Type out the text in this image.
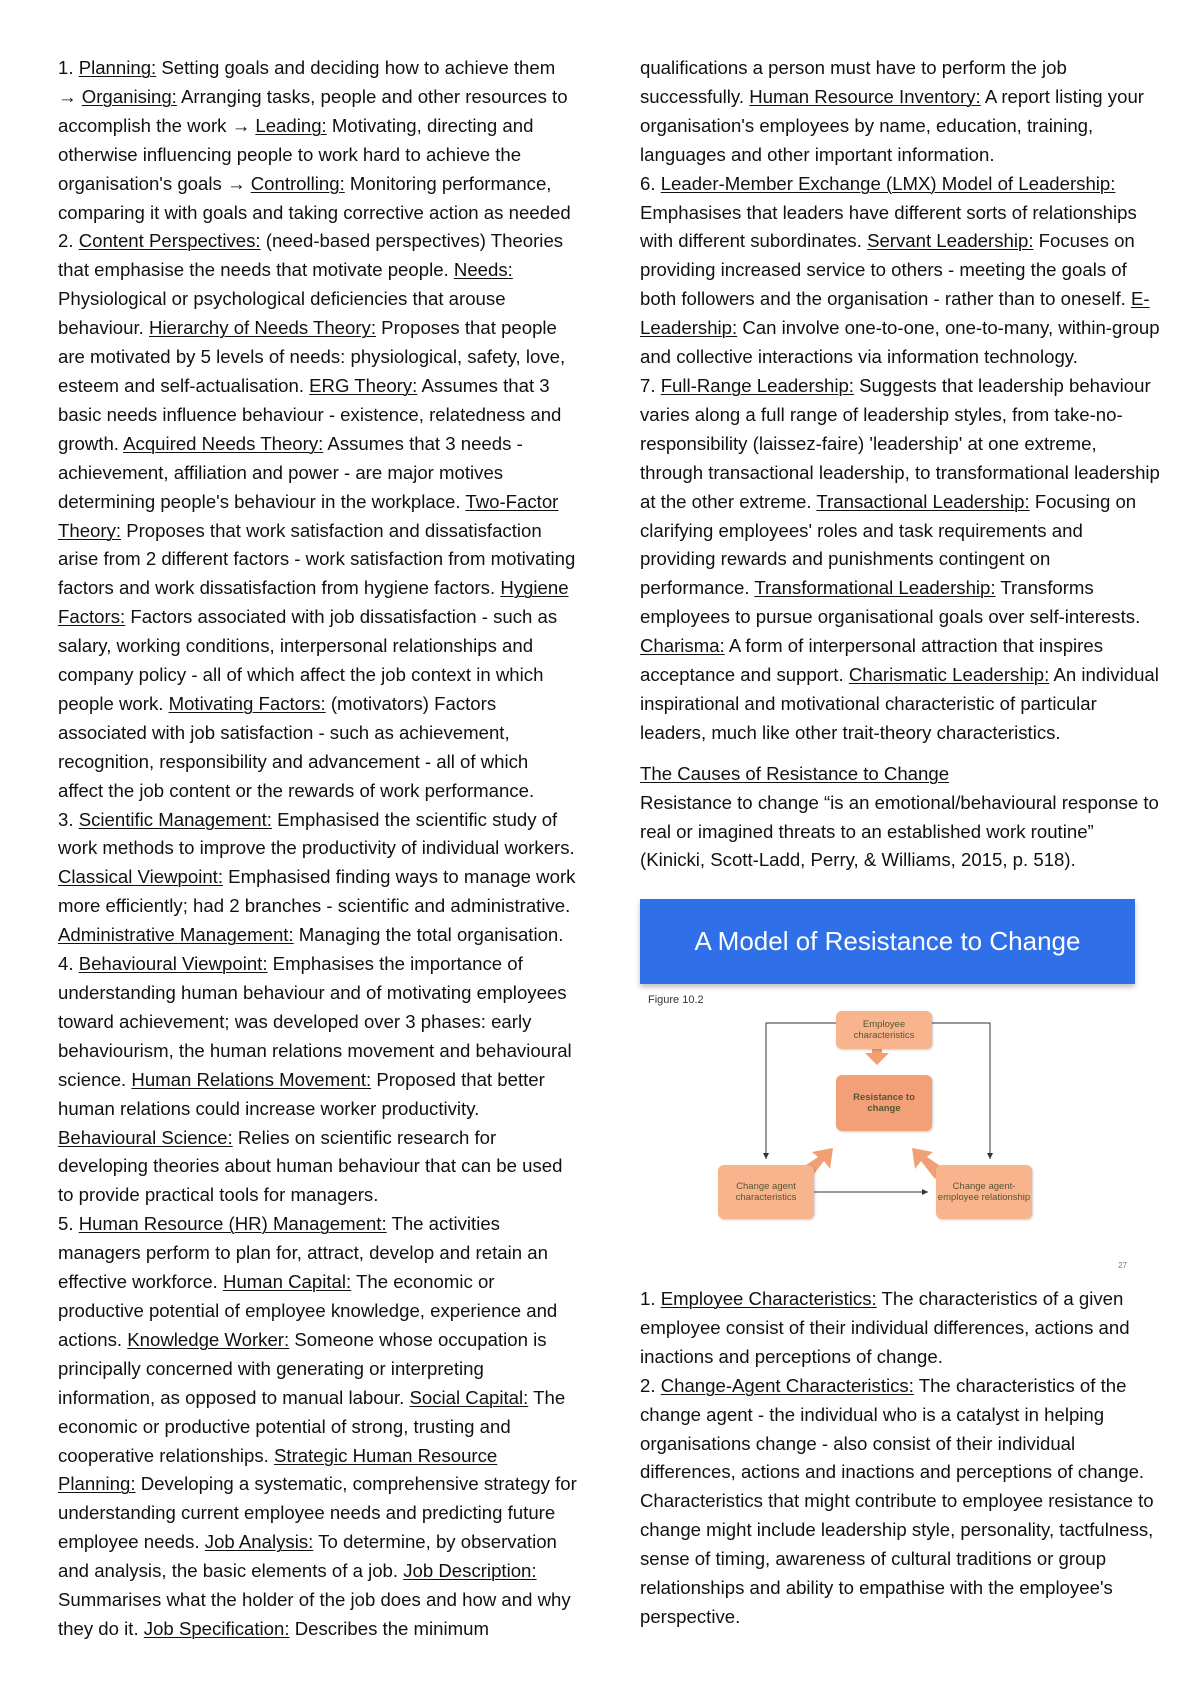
1. Planning: Setting goals and deciding how to achieve them → Organising: Arranging tasks, people and other resources to accomplish the work → Leading: Motivating, directing and otherwise influencing people to work hard to achieve the organisation's goals → Controlling: Monitoring performance, comparing it with goals and taking corrective action as needed

2. Content Perspectives: (need-based perspectives) Theories that emphasise the needs that motivate people. Needs: Physiological or psychological deficiencies that arouse behaviour. Hierarchy of Needs Theory: Proposes that people are motivated by 5 levels of needs: physiological, safety, love, esteem and self-actualisation. ERG Theory: Assumes that 3 basic needs influence behaviour - existence, relatedness and growth. Acquired Needs Theory: Assumes that 3 needs - achievement, affiliation and power - are major motives determining people's behaviour in the workplace. Two-Factor Theory: Proposes that work satisfaction and dissatisfaction arise from 2 different factors - work satisfaction from motivating factors and work dissatisfaction from hygiene factors. Hygiene Factors: Factors associated with job dissatisfaction - such as salary, working conditions, interpersonal relationships and company policy - all of which affect the job context in which people work. Motivating Factors: (motivators) Factors associated with job satisfaction - such as achievement, recognition, responsibility and advancement - all of which affect the job content or the rewards of work performance.

3. Scientific Management: Emphasised the scientific study of work methods to improve the productivity of individual workers. Classical Viewpoint: Emphasised finding ways to manage work more efficiently; had 2 branches - scientific and administrative. Administrative Management: Managing the total organisation.

4. Behavioural Viewpoint: Emphasises the importance of understanding human behaviour and of motivating employees toward achievement; was developed over 3 phases: early behaviourism, the human relations movement and behavioural science. Human Relations Movement: Proposed that better human relations could increase worker productivity. Behavioural Science: Relies on scientific research for developing theories about human behaviour that can be used to provide practical tools for managers.

5. Human Resource (HR) Management: The activities managers perform to plan for, attract, develop and retain an effective workforce. Human Capital: The economic or productive potential of employee knowledge, experience and actions. Knowledge Worker: Someone whose occupation is principally concerned with generating or interpreting information, as opposed to manual labour. Social Capital: The economic or productive potential of strong, trusting and cooperative relationships. Strategic Human Resource Planning: Developing a systematic, comprehensive strategy for understanding current employee needs and predicting future employee needs. Job Analysis: To determine, by observation and analysis, the basic elements of a job. Job Description: Summarises what the holder of the job does and how and why they do it. Job Specification: Describes the minimum

qualifications a person must have to perform the job successfully. Human Resource Inventory: A report listing your organisation's employees by name, education, training, languages and other important information.

6. Leader-Member Exchange (LMX) Model of Leadership: Emphasises that leaders have different sorts of relationships with different subordinates. Servant Leadership: Focuses on providing increased service to others - meeting the goals of both followers and the organisation - rather than to oneself. E-Leadership: Can involve one-to-one, one-to-many, within-group and collective interactions via information technology.

7. Full-Range Leadership: Suggests that leadership behaviour varies along a full range of leadership styles, from take-no-responsibility (laissez-faire) 'leadership' at one extreme, through transactional leadership, to transformational leadership at the other extreme. Transactional Leadership: Focusing on clarifying employees' roles and task requirements and providing rewards and punishments contingent on performance. Transformational Leadership: Transforms employees to pursue organisational goals over self-interests. Charisma: A form of interpersonal attraction that inspires acceptance and support. Charismatic Leadership: An individual inspirational and motivational characteristic of particular leaders, much like other trait-theory characteristics.

The Causes of Resistance to Change

Resistance to change “is an emotional/behavioural response to real or imagined threats to an established work routine” (Kinicki, Scott-Ladd, Perry, & Williams, 2015, p. 518).

A Model of Resistance to Change
Figure 10.2
Employee characteristics
Resistance to change
Change agent characteristics
Change agent-employee relationship
27

1. Employee Characteristics: The characteristics of a given employee consist of their individual differences, actions and inactions and perceptions of change.

2. Change-Agent Characteristics: The characteristics of the change agent - the individual who is a catalyst in helping organisations change - also consist of their individual differences, actions and inactions and perceptions of change. Characteristics that might contribute to employee resistance to change might include leadership style, personality, tactfulness, sense of timing, awareness of cultural traditions or group relationships and ability to empathise with the employee's perspective.
